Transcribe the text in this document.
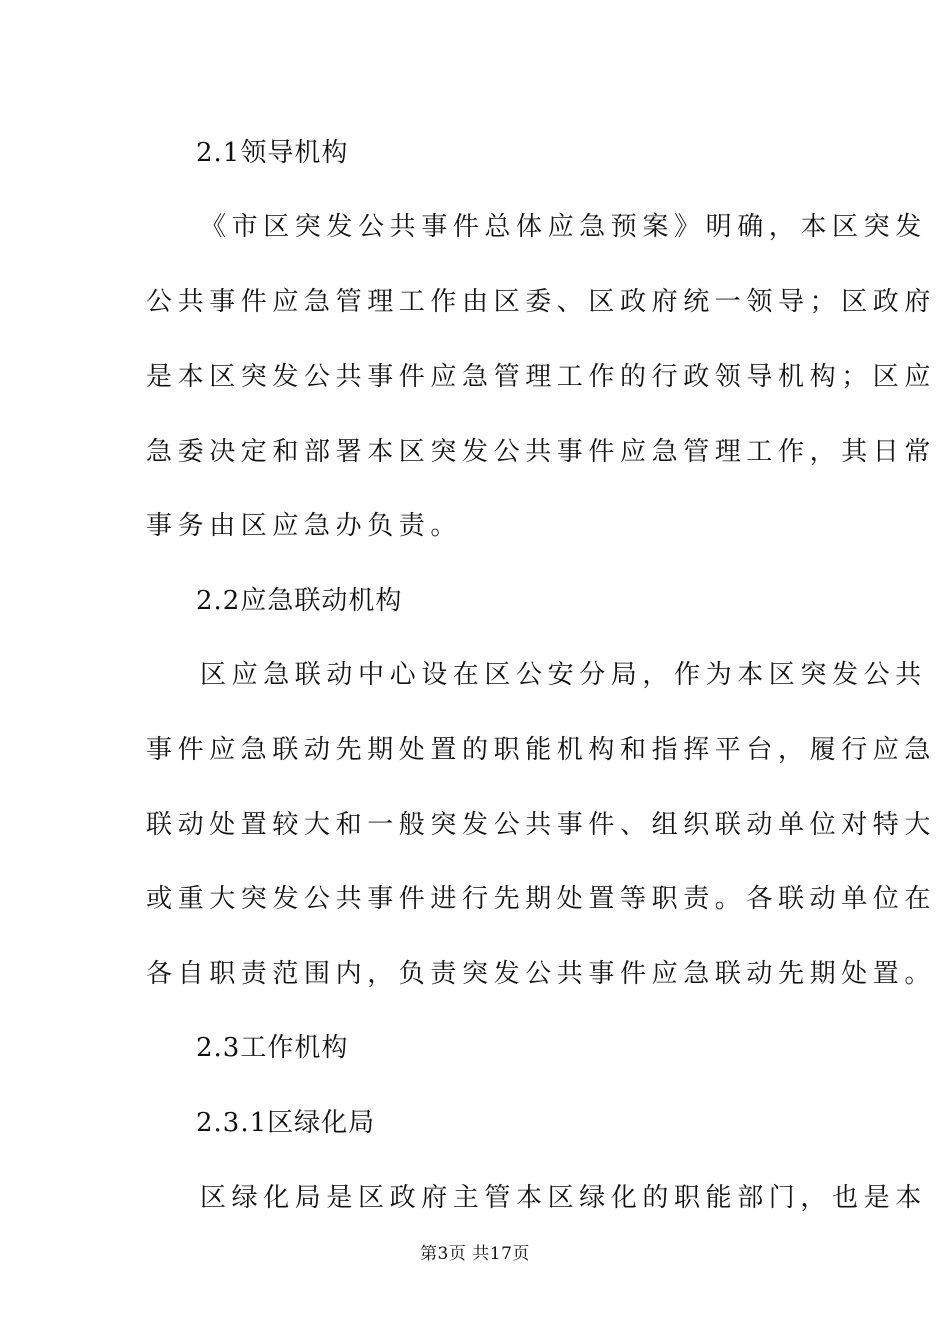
2.1领导机构
《市区突发公共事件总体应急预案》明确，本区突发
公共事件应急管理工作由区委、区政府统一领导；区政府
是本区突发公共事件应急管理工作的行政领导机构；区应
急委决定和部署本区突发公共事件应急管理工作，其日常
事务由区应急办负责。
2.2应急联动机构
区应急联动中心设在区公安分局，作为本区突发公共
事件应急联动先期处置的职能机构和指挥平台，履行应急
联动处置较大和一般突发公共事件、组织联动单位对特大
或重大突发公共事件进行先期处置等职责。各联动单位在
各自职责范围内，负责突发公共事件应急联动先期处置。
2.3工作机构
2.3.1区绿化局
区绿化局是区政府主管本区绿化的职能部门，也是本
第3页 共17页
